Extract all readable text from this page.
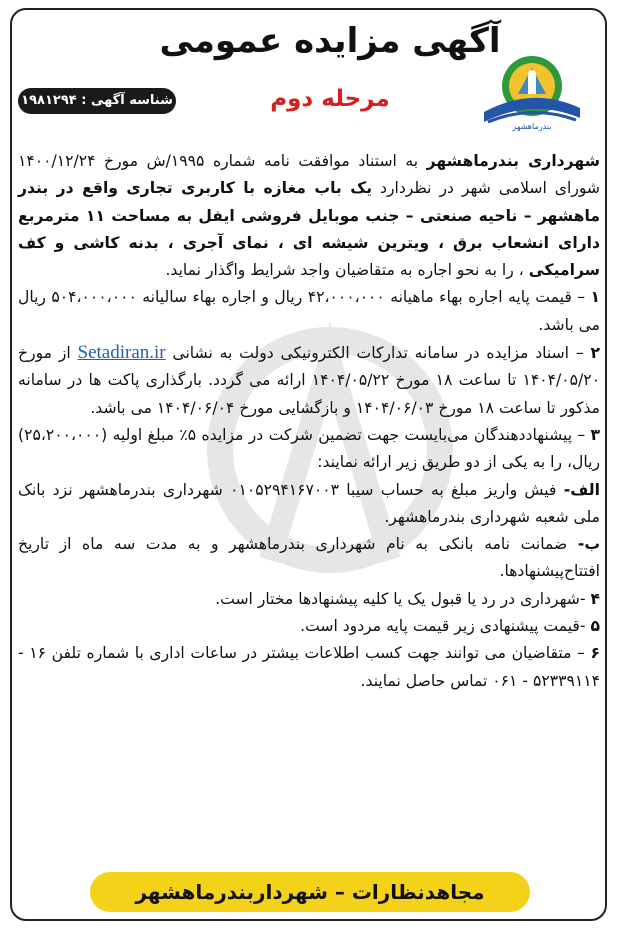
بندرماهشهر
آگهی مزایده عمومی
مرحله دوم
شناسه آگهی : ۱۹۸۱۲۹۴

شهرداری بندرماهشهر به استناد موافقت نامه شماره ۱۹۹۵/ش مورخ ۱۴۰۰/۱۲/۲۴ شورای اسلامی شهر در نظردارد یک باب مغازه با کاربری تجاری واقع در بندر ماهشهر – ناحیه صنعتی – جنب موبایل فروشی ایفل به مساحت ۱۱ مترمربع دارای انشعاب برق ، ویترین شیشه ای ، نمای آجری ، بدنه کاشی و کف سرامیکی ، را به نحو اجاره به متقاضیان واجد شرایط واگذار نماید.

۱ – قیمت پایه اجاره بهاء ماهیانه ۴۲،۰۰۰،۰۰۰ ریال و اجاره بهاء سالیانه ۵۰۴،۰۰۰،۰۰۰ ریال می باشد.

۲ – اسناد مزایده در سامانه تدارکات الکترونیکی دولت به نشانی Setadiran.ir از مورخ ۱۴۰۴/۰۵/۲۰ تا ساعت ۱۸ مورخ ۱۴۰۴/۰۵/۲۲ ارائه می گردد. بارگذاری پاکت ها در سامانه مذکور تا ساعت ۱۸ مورخ ۱۴۰۴/۰۶/۰۳ و بازگشایی مورخ ۱۴۰۴/۰۶/۰۴ می باشد.

۳ – پیشنهاددهندگان می‌بایست جهت تضمین شرکت در مزایده ۵٪ مبلغ اولیه (۲۵،۲۰۰،۰۰۰) ریال، را به یکی از دو طریق زیر ارائه نمایند:

الف- فیش واریز مبلغ به حساب سیبا ۰۱۰۵۲۹۴۱۶۷۰۰۳ شهرداری بندرماهشهر نزد بانک ملی شعبه شهرداری بندرماهشهر.

ب- ضمانت نامه بانکی به نام شهرداری بندرماهشهر و به مدت سه ماه از تاریخ افتتاح‌پیشنهادها.

۴ -شهرداری در رد یا قبول یک یا کلیه پیشنهادها مختار است.

۵ -قیمت پیشنهادی زیر قیمت پایه مردود است.

۶ – متقاضیان می توانند جهت کسب اطلاعات بیشتر در ساعات اداری با شماره تلفن ۱۶ - ۵۲۳۳۹۱۱۴ - ۰۶۱ تماس حاصل نمایند.

مجاهدنظارات – شهرداربندرماهشهر
